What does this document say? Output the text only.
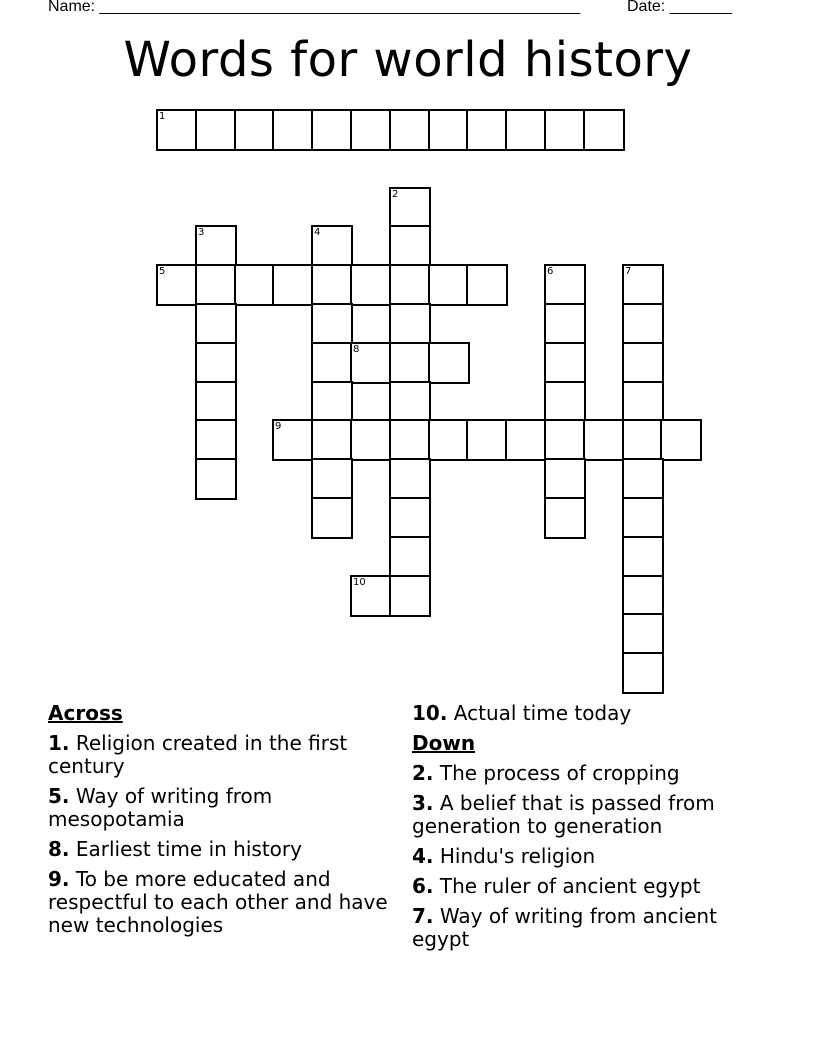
Name: ______________________________________________________	Date: _______
Words for world history
1
2
3	4
5	6	7
8
9
10
Across
1. Religion created in the first century
5. Way of writing from mesopotamia
8. Earliest time in history
9. To be more educated and respectful to each other and have new technologies
10. Actual time today
Down
2. The process of cropping
3. A belief that is passed from generation to generation
4. Hindu's religion
6. The ruler of ancient egypt
7. Way of writing from ancient egypt
